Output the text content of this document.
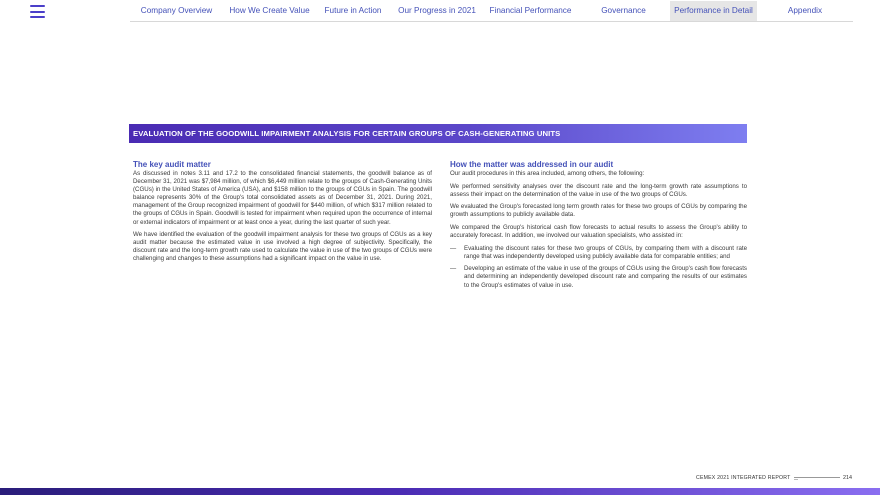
Company Overview	How We Create Value	Future in Action	Our Progress in 2021	Financial Performance	Governance	Performance in Detail	Appendix
EVALUATION OF THE GOODWILL IMPAIRMENT ANALYSIS FOR CERTAIN GROUPS OF CASH-GENERATING UNITS
The key audit matter

As discussed in notes 3.11 and 17.2 to the consolidated financial statements, the goodwill balance as of December 31, 2021 was $7,984 million, of which $6,449 million relate to the groups of Cash-Generating Units (CGUs) in the United States of America (USA), and $158 million to the groups of CGUs in Spain. The goodwill balance represents 30% of the Group's total consolidated assets as of December 31, 2021. During 2021, management of the Group recognized impairment of goodwill for $440 million, of which $317 million related to the groups of CGUs in Spain. Goodwill is tested for impairment when required upon the occurrence of internal or external indicators of impairment or at least once a year, during the last quarter of such year.

We have identified the evaluation of the goodwill impairment analysis for these two groups of CGUs as a key audit matter because the estimated value in use involved a high degree of subjectivity. Specifically, the discount rate and the long-term growth rate used to calculate the value in use of the two groups of CGUs were challenging and changes to these assumptions had a significant impact on the value in use.

How the matter was addressed in our audit

Our audit procedures in this area included, among others, the following:

We performed sensitivity analyses over the discount rate and the long-term growth rate assumptions to assess their impact on the determination of the value in use of the two groups of CGUs.

We evaluated the Group's forecasted long term growth rates for these two groups of CGUs by comparing the growth assumptions to publicly available data.

We compared the Group's historical cash flow forecasts to actual results to assess the Group's ability to accurately forecast. In addition, we involved our valuation specialists, who assisted in:

—	Evaluating the discount rates for these two groups of CGUs, by comparing them with a discount rate range that was independently developed using publicly available data for comparable entities; and
—	Developing an estimate of the value in use of the groups of CGUs using the Group's cash flow forecasts and determining an independently developed discount rate and comparing the results of our estimates to the Group's estimates of value in use.
CEMEX 2021 INTEGRATED REPORT	214
